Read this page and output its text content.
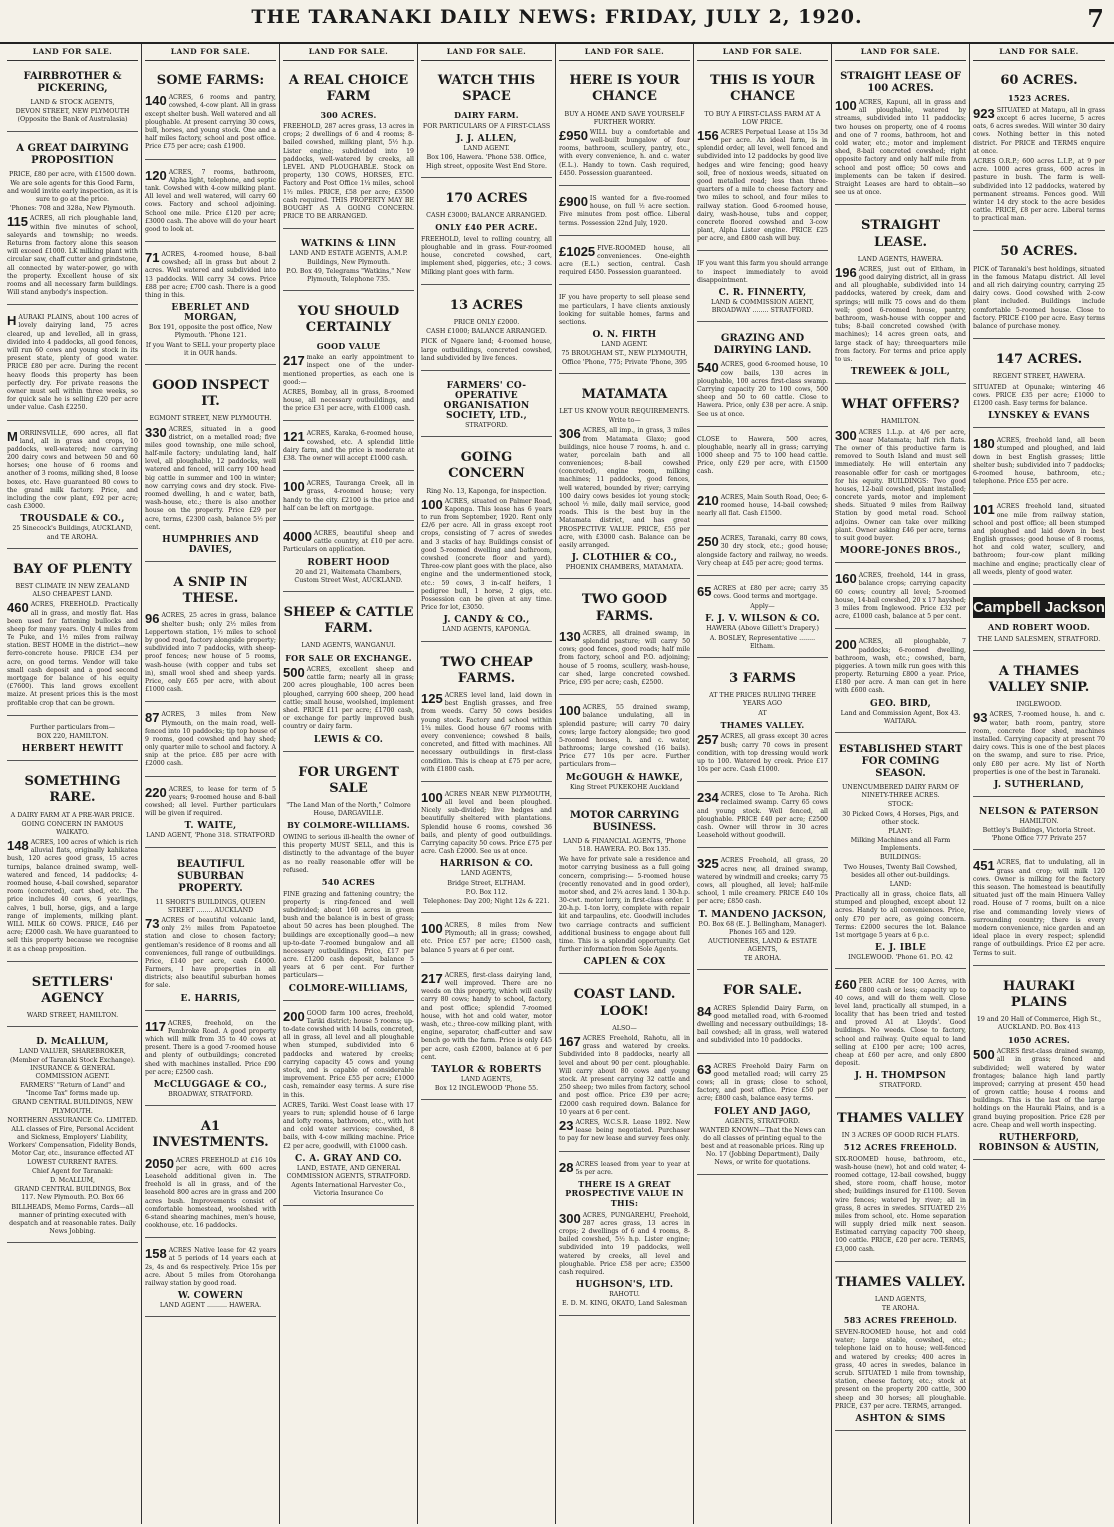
THE TARANAKI DAILY NEWS: FRIDAY, JULY 2, 1920.	7
LAND FOR SALE.
FAIRBROTHER & PICKERING,
LAND & STOCK AGENTS,
DEVON STREET, NEW PLYMOUTH (Opposite the Bank of Australasia)
A GREAT DAIRYING PROPOSITION
PRICE, £80 per acre, with £1500 down.
We are sole agents for this Good Farm, and would invite early inspection, as it is sure to go at the price.
'Phones: 708 and 328a, New Plymouth.
115 ACRES, all rich ploughable land, within five minutes of school, saleyards and township; no weeds. Returns from factory alone this season will exceed £1000. LK milking plant with circular saw, chaff cutter and grindstone, all connected by water-power, go with the property. Excellent house of six rooms and all necessary farm buildings. Will stand anybody's inspection.
HAURAKI PLAINS, about 100 acres of lovely dairying land, 75 acres cleared, up and levelled, all in grass, divided into 4 paddocks, all good fences, will run 60 cows and young stock in its present state, plenty of good water. PRICE £80 per acre. During the recent heavy floods this property has been perfectly dry. For private reasons the owner must sell within three weeks, so for quick sale he is selling £20 per acre under value. Cash £2250.
MORRINSVILLE, 690 acres, all flat land, all in grass and crops, 10 paddocks, well-watered; now carrying 200 dairy cows and between 50 and 60 horses; one house of 6 rooms and another of 3 rooms, milking shed, 8 loose boxes, etc. Have guaranteed 80 cows to the grand milk factory. Price, and including the cow plant, £92 per acre; cash £3000.
TROUSDALE & CO.,
25 Sinecock's Buildings, AUCKLAND, and TE AROHA.
BAY OF PLENTY
BEST CLIMATE IN NEW ZEALAND ALSO CHEAPEST LAND.
460 ACRES, FREEHOLD. Practically all in grass, and mostly flat. Has been used for fattening bullocks and sheep for many years. Only 4 miles from Te Puke, and 1½ miles from railway station. BEST HOME in the district—new ferro-concrete house. PRICE £34 per acre, on good terms. Vendor will take small cash deposit and a good second mortgage for balance of his equity (£7600). This land grows excellent maize. At present prices this is the most profitable crop that can be grown.
Further particulars from—
BOX 220, HAMILTON.
HERBERT HEWITT
SOMETHING RARE.
A DAIRY FARM AT A PRE-WAR PRICE.
GOING CONCERN IN FAMOUS WAIKATO.
148 ACRES, 100 acres of which is rich alluvial flats, originally kahikatea bush, 120 acres good grass, 15 acres turnips, balance drained swamp, well-watered and fenced, 14 paddocks; 4-roomed house, 4-bail cowshed, separator room (concreted), cart shed, etc. The price includes 40 cows, 6 yearlings, calves, 1 bull, horse, gigs, and a large range of implements, milking plant. WILL MILK 60 COWS. PRICE, £46 per acre; £2000 cash. We have guaranteed to sell this property because we recognise it as a cheap proposition.
SETTLERS' AGENCY
WARD STREET, HAMILTON.
D. McALLUM,
LAND VALUER, SHAREBROKER, (Member of Taranaki Stock Exchange). INSURANCE & GENERAL COMMISSION AGENT.
FARMERS' "Return of Land" and "Income Tax" forms made up.
GRAND CENTRAL BUILDINGS, NEW PLYMOUTH.
NORTHERN ASSURANCE Co. LIMITED.
ALL classes of Fire, Personal Accident and Sickness, Employers' Liability, Workers' Compensation, Fidelity Bonds, Motor Car, etc., insurance effected AT LOWEST CURRENT RATES.
Chief Agent for Taranaki:
D. McALLUM,
GRAND CENTRAL BUILDINGS, Box 117. New Plymouth. P.O. Box 66
BILLHEADS, Memo Forms, Cards—all manner of printing executed with despatch and at reasonable rates. Daily News Jobbing.
LAND FOR SALE.
SOME FARMS:
140 ACRES, 6 rooms and pantry, cowshed, 4-cow plant. All in grass except shelter bush. Well watered and all ploughable. At present carrying 30 cows, bull, horses, and young stock. One and a half miles factory, school and post office. Price £75 per acre; cash £1900.
120 ACRES, 7 rooms, bathroom, Alpha light, telephone, and septic tank. Cowshed with 4-cow milking plant. All level and well watered, will carry 60 cows. Factory and school adjoining. School one mile. Price £120 per acre; £3000 cash. The above will do your heart good to look at.
71 ACRES, 4-roomed house, 8-bail cowshed; all in grass but about 2 acres. Well watered and subdivided into 13 paddocks. Will carry 34 cows. Price £88 per acre; £700 cash. There is a good thing in this.
EBERLET AND MORGAN,
Box 191, opposite the post office, New Plymouth. 'Phone 121.
If you Want to SELL your property place it in OUR hands.
GOOD INSPECT IT.
EGMONT STREET, NEW PLYMOUTH.
330 ACRES, situated in a good district, on a metalled road; five miles good township, one mile school, half-mile factory; undulating land, half level, all ploughable, 12 paddocks, well watered and fenced, will carry 100 head big cattle in summer and 100 in winter; now carrying cows and dry stock. Five-roomed dwelling, h and c water, bath, wash-house, etc.; there is also another house on the property. Price £29 per acre, terms, £2300 cash, balance 5½ per cent.
HUMPHRIES AND DAVIES,
A SNIP IN THESE.
96 ACRES, 25 acres in grass, balance shelter bush; only 2½ miles from Leppertown station, 1½ miles to school by good road, factory alongside property; subdivided into 7 paddocks, with sheep-proof fences; new house of 5 rooms, wash-house (with copper and tubs set in), small wool shed and sheep yards. Price, only £65 per acre, with about £1000 cash.
87 ACRES, 3 miles from New Plymouth, on the main road, well-fenced into 10 paddocks; tip top house of 9 rooms, good cowshed and hay shed; only quarter mile to school and factory. A snip at the price. £85 per acre with £2000 cash.
220 ACRES, to lease for term of 5 years; 9-roomed house and 8-bail cowshed; all level. Further particulars will be given if required.
T. WAITE,
LAND AGENT, 'Phone 318. STRATFORD
BEAUTIFUL SUBURBAN PROPERTY.
11 SHORT'S BUILDINGS, QUEEN STREET ........ AUCKLAND
73 ACRES of beautiful volcanic land, only 2½ miles from Papatoetoe station and close to chosen factory; gentleman's residence of 8 rooms and all conveniences, full range of outbuildings. Price, £140 per acre, cash £4000. Farmers, I have properties in all districts; also beautiful suburban homes for sale.
E. HARRIS,
117 ACRES, freehold, on the Pembroke Road. A good property which will milk from 35 to 40 cows at present. There is a good 7-roomed house and plenty of outbuildings; concreted shed with machines installed. Price £90 per acre; £2500 cash.
McCLUGGAGE & CO.,
BROADWAY, STRATFORD.
A1 INVESTMENTS.
2050 ACRES FREEHOLD at £16 10s per acre, with 600 acres Leasehold additional given in. The freehold is all in grass, and of the leasehold 800 acres are in grass and 200 acres bush. Improvements consist of comfortable homestead, woolshed with 6-stand shearing machines, men's house, cookhouse, etc. 16 paddocks.
158 ACRES Native lease for 42 years at 5 periods of 14 years each at 2s, 4s and 6s respectively. Price 15s per acre. About 5 miles from Otorohanga railway station by good road.
W. COWERN
LAND AGENT .......... HAWERA.
LAND FOR SALE.
A REAL CHOICE FARM
300 ACRES.
FREEHOLD, 287 acres grass, 13 acres in crops; 2 dwellings of 6 and 4 rooms; 8-bailed cowshed, milking plant, 5½ h.p. Lister engine; subdivided into 19 paddocks, well-watered by creeks, all LEVEL AND PLOUGHABLE. Stock on property, 130 COWS, HORSES, ETC. Factory and Post Office 1¼ miles, school 1½ miles. PRICE, £58 per acre; £3500 cash required. THIS PROPERTY MAY BE BOUGHT AS A GOING CONCERN. PRICE TO BE ARRANGED.
WATKINS & LINN
LAND AND ESTATE AGENTS, A.M.P. Buildings, New Plymouth.
P.O. Box 49, Telegrams "Watkins," New Plymouth, Telephone 735.
YOU SHOULD CERTAINLY
GOOD VALUE
217 make an early appointment to inspect one of the under-mentioned properties, as each one is good:—
ACRES, Bombay, all in grass, 8-roomed house, all necessary outbuildings, and the price £31 per acre, with £1000 cash.
121 ACRES, Karaka, 6-roomed house, cowshed, etc. A splendid little dairy farm, and the price is moderate at £38. The owner will accept £1000 cash.
100 ACRES, Tauranga Creek, all in grass, 4-roomed house; very handy to the city. £2100 is the price and half can be left on mortgage.
4000 ACRES, beautiful sheep and cattle country, at £10 per acre. Particulars on application.
ROBERT HOOD
20 and 21, Waitemata Chambers, Custom Street West, AUCKLAND.
SHEEP & CATTLE FARM.
LAND AGENTS, WANGANUI.
FOR SALE OR EXCHANGE.
500 ACRES, excellent sheep and cattle farm; nearly all in grass; 200 acres ploughable, 100 acres been ploughed, carrying 600 sheep, 200 head cattle; small house, woolshed, implement shed. PRICE £11 per acre; £1700 cash, or exchange for partly improved bush country or dairy farm.
LEWIS & CO.
FOR URGENT SALE
"The Land Man of the North," Colmore House, DARGAVILLE.
BY COLMORE-WILLIAMS.
OWING to serious ill-health the owner of this property MUST SELL, and this is distinctly to the advantage of the buyer as no really reasonable offer will be refused.
540 ACRES
FINE grazing and fattening country; the property is ring-fenced and well subdivided; about 160 acres in green bush and the balance is in best of grass; about 50 acres has been ploughed. The buildings are exceptionally good—a new up-to-date 7-roomed bungalow and all necessary outbuildings. Price, £17 per acre. £1200 cash deposit, balance 5 years at 6 per cent. For further particulars—
COLMORE-WILLIAMS,
200 GOOD farm 100 acres, freehold, Tariki district; house 5 rooms; up-to-date cowshed with 14 bails, concreted, all in grass, all level and all ploughable when stumped, subdivided into 6 paddocks and watered by creeks; carrying capacity 45 cows and young stock, and is capable of considerable improvement. Price £55 per acre; £1000 cash, remainder easy terms. A sure rise in this.
ACRES, Tariki. West Coast lease with 17 years to run; splendid house of 6 large and lofty rooms, bathroom, etc., with hot and cold water services; cowshed, 8 bails, with 4-cow milking machine. Price £2 per acre, goodwill, with £1000 cash.
C. A. GRAY AND CO.
LAND, ESTATE, AND GENERAL COMMISSION AGENTS, STRATFORD.
Agents International Harvester Co., Victoria Insurance Co
LAND FOR SALE.
WATCH THIS SPACE
DAIRY FARM.
FOR PARTICULARS OF A FIRST-CLASS
J. J. ALLEN,
LAND AGENT.
Box 106, Hawera. 'Phone 538. Office, High street, opposite West End Store.
170 ACRES
CASH £3000; BALANCE ARRANGED.
ONLY £40 PER ACRE.
FREEHOLD, level to rolling country, all ploughable and in grass. Four-roomed house, concreted cowshed, cart, implement shed, piggeries, etc.; 3 cows. Milking plant goes with farm.
13 ACRES
PRICE ONLY £2000.
CASH £1000; BALANCE ARRANGED.
PICK of Ngaere land; 4-roomed house, large outbuildings, concreted cowshed, land subdivided by live fences.
FARMERS' CO-OPERATIVE ORGANISATION SOCIETY, LTD.,
STRATFORD.
GOING CONCERN
Ring No. 13, Kaponga, for inspection.
100 ACRES, situated on Palmer Road, Kaponga. This lease has 6 years to run from September, 1920. Rent only £2/6 per acre. All in grass except root crops, consisting of 7 acres of swedes and 3 stacks of hay. Buildings consist of good 5-roomed dwelling and bathroom, cowshed (concrete floor and yard). Three-cow plant goes with the place, also engine and the undermentioned stock, etc.: 59 cows, 3 in-calf heifers, 1 pedigree bull, 1 horse, 2 gigs, etc. Possession can be given at any time. Price for lot, £3050.
J. CANDY & CO.,
LAND AGENTS, KAPONGA.
TWO CHEAP FARMS.
125 ACRES level land, laid down in best English grasses, and free from weeds. Carry 50 cows besides young stock. Factory and school within 1¼ miles. Good house 6/7 rooms with every convenience; cowshed 8 bails, concreted, and fitted with machines. All necessary outbuildings in first-class condition. This is cheap at £75 per acre, with £1800 cash.
100 ACRES NEAR NEW PLYMOUTH, all level and been ploughed. Nicely sub-divided; live hedges and beautifully sheltered with plantations. Splendid house 6 rooms, cowshed 36 bails, and plenty of good outbuildings. Carrying capacity 50 cows. Price £75 per acre. Cash £2000. See us at once.
HARRISON & CO.
LAND AGENTS,
Bridge Street, ELTHAM.
P.O. Box 112.
Telephones: Day 200; Night 12s & 221.
100 ACRES, 8 miles from New Plymouth; all in grass; cowshed, etc. Price £57 per acre; £1500 cash, balance 5 years at 6 per cent.
217 ACRES, first-class dairying land, well improved. There are no weeds on this property, which will easily carry 80 cows; handy to school, factory, and post office; splendid 7-roomed house, with hot and cold water, motor wash, etc.; three-cow milking plant, with engine, separator, chaff-cutter and saw bench go with the farm. Price is only £45 per acre, cash £2000, balance at 6 per cent.
TAYLOR & ROBERTS
LAND AGENTS,
Box 12 INGLEWOOD 'Phone 55.
LAND FOR SALE.
HERE IS YOUR CHANCE
BUY A HOME AND SAVE YOURSELF FURTHER WORRY.
£950 WILL buy a comfortable and well-built bungalow of four rooms, bathroom, scullery, pantry, etc., with every convenience, h. and c. water (E.L.). Handy to town. Cash required, £450. Possession guaranteed.
£900 IS wanted for a five-roomed house, on full ½ acre section. Five minutes from post office. Liberal terms. Possession 22nd July, 1920.
£1025 FIVE-ROOMED house, all conveniences. One-eighth acre (E.L.) section, central. Cash required £450. Possession guaranteed.
IF you have property to sell please send me particulars, I have clients anxiously looking for suitable homes, farms and sections.
O. N. FIRTH
LAND AGENT.
75 BROUGHAM ST., NEW PLYMOUTH, Office 'Phone, 775; Private 'Phone, 395
MATAMATA
LET US KNOW YOUR REQUIREMENTS.
Write to—
306 ACRES, all imp., in grass, 3 miles from Matamata Glaxo; good buildings, nice house 7 rooms, h. and c. water, porcelain bath and all conveniences; 8-bail cowshed (concreted), engine room, milking machines; 11 paddocks, good fences, well watered, bounded by river; carrying 100 dairy cows besides lot young stock; school ½ mile, daily mail service, good roads. This is the best buy in the Matamata district, and has great PROSPECTIVE VALUE. PRICE, £55 per acre, with £3000 cash. Balance can be easily arranged.
J. CLOTHIER & CO.,
PHOENIX CHAMBERS, MATAMATA.
TWO GOOD FARMS.
130 ACRES, all drained swamp, in splendid pasture; will carry 50 cows; good fences, good roads; half mile from factory, school and P.O. adjoining; house of 5 rooms, scullery, wash-house, car shed, large concreted cowshed. Price, £95 per acre; cash, £2500.
100 ACRES, 55 drained swamp, balance undulating, all in splendid pasture; will carry 70 dairy cows; large factory alongside; two good 5-roomed houses, h. and c. water, bathrooms; large cowshed (16 bails). Price £77 10s per acre. Further particulars from—
McGOUGH & HAWKE,
King Street PUKEKOHE Auckland
MOTOR CARRYING BUSINESS.
LAND & FINANCIAL AGENTS, 'Phone 518. HAWERA. P.O. Box 135.
We have for private sale a residence and motor carrying business as a full going concern, comprising:— 5-roomed house (recently renovated and in good order), motor shed, and 2¼ acres land. 1 30-h.p. 30-cwt. motor lorry, in first-class order. 1 20-h.p. 1-ton lorry, complete with repair kit and tarpaulins, etc. Goodwill includes two carriage contracts and sufficient additional business to engage about full time. This is a splendid opportunity. Get further information from Sole Agents.
CAPLEN & COX
COAST LAND. LOOK!
ALSO—
167 ACRES Freehold, Rahotu, all in grass and watered by creeks. Subdivided into 8 paddocks, nearly all level and about 90 per cent. ploughable. Will carry about 80 cows and young stock. At present carrying 32 cattle and 250 sheep; two miles from factory, school and post office. Price £39 per acre; £2000 cash required down. Balance for 10 years at 6 per cent.
23 ACRES, W.C.S.R. Lease 1892. New lease being negotiated. Purchaser to pay for new lease and survey fees only.
28 ACRES leased from year to year at 5s per acre.
THERE IS A GREAT PROSPECTIVE VALUE IN THIS:
300 ACRES, PUNGAREHU, Freehold, 287 acres grass, 13 acres in crops; 2 dwellings of 6 and 4 rooms, 8-bailed cowshed, 5½ h.p. Lister engine; subdivided into 19 paddocks, well watered by creeks, all level and ploughable. Price £58 per acre; £3500 cash required.
HUGHSON'S, LTD.
RAHOTU.
E. D. M. KING, OKATO, Land Salesman
LAND FOR SALE.
THIS IS YOUR CHANCE
TO BUY A FIRST-CLASS FARM AT A LOW PRICE.
156 ACRES Perpetual Lease at 15s 3d per acre. An ideal farm, is in splendid order, all level, well fenced and subdivided into 12 paddocks by good live hedges and wire fencing; good heavy soil, free of noxious weeds, situated on good metalled road; less than three-quarters of a mile to cheese factory and two miles to school, and four miles to railway station. Good 6-roomed house, dairy, wash-house, tubs and copper, concrete floored cowshed and 3-cow plant, Alpha Lister engine. PRICE £25 per acre, and £800 cash will buy.
IF you want this farm you should arrange to inspect immediately to avoid disappointment.
C. R. FINNERTY,
LAND & COMMISSION AGENT, BROADWAY ........ STRATFORD.
GRAZING AND DAIRYING LAND.
540 ACRES, good 6-roomed house, 10 cow bails, 130 acres in ploughable, 100 acres first-class swamp. Carrying capacity 20 to 100 cows, 500 sheep and 50 to 60 cattle. Close to Hawera. Price, only £38 per acre. A snip. See us at once.
CLOSE to Hawera, 500 acres, ploughable, nearly all in grass; carrying 1000 sheep and 75 to 100 head cattle. Price, only £29 per acre, with £1500 cash.
210 ACRES, Main South Road, Oeo; 6-roomed house, 14-bail cowshed; nearly all flat. Cash £1500.
250 ACRES, Taranaki, carry 80 cows, 30 dry stock, etc.; good house; alongside factory and railway, no weeds. Very cheap at £45 per acre; good terms.
65 ACRES at £80 per acre; carry 35 cows. Good terms and mortgage.
Apply—
F. J. V. WILSON & CO.
HAWERA (Above Gillett's Drapery.)
A. BOSLEY, Representative ........ Eltham.
3 FARMS
AT THE PRICES RULING THREE YEARS AGO
AT
THAMES VALLEY.
257 ACRES, all grass except 30 acres bush; carry 70 cows in present condition, with top dressing would work up to 100. Watered by creek. Price £17 10s per acre. Cash £1000.
234 ACRES, close to Te Aroha. Rich reclaimed swamp. Carry 65 cows and young stock. Well fenced, all ploughable. PRICE £40 per acre; £2500 cash. Owner will throw in 30 acres Leasehold without goodwill.
325 ACRES Freehold, all grass, 20 acres new, all drained swamp, watered by windmill and creeks; carry 75 cows, all ploughed, all level; half-mile school, 1 mile creamery. PRICE £40 10s per acre; £850 cash.
T. MANDENO JACKSON,
P.O. Box 68 (E. J. Bellingham, Manager). Phones 165 and 129.
AUCTIONEERS, LAND & ESTATE AGENTS,
TE AROHA.
FOR SALE.
84 ACRES Splendid Dairy Farm, on good metalled road, with 6-roomed dwelling and necessary outbuildings; 18-bail cowshed; all in grass, well watered and subdivided into 10 paddocks.
63 ACRES Freehold Dairy Farm on good metalled road; will carry 25 cows; all in grass; close to school, factory, and post office. Price £50 per acre; £800 cash, balance easy terms.
FOLEY AND JAGO,
AGENTS, STRATFORD.
WANTED KNOWN—That the News can do all classes of printing equal to the best and at reasonable prices. Ring up No. 17 (Jobbing Department), Daily News, or write for quotations.
LAND FOR SALE.
STRAIGHT LEASE OF 100 ACRES.
100 ACRES, Kapuni, all in grass and all ploughable, watered by streams, subdivided into 11 paddocks; two houses on property, one of 4 rooms and one of 7 rooms, bathroom, hot and cold water, etc.; motor and implement shed, 8-bail concreted cowshed; right opposite factory and only half mile from school and post office; 50 cows and implements can be taken if desired. Straight Leases are hard to obtain—so see us at once.
STRAIGHT LEASE.
LAND AGENTS, HAWERA.
196 ACRES, just out of Eltham, in good dairying district, all in grass and all ploughable, subdivided into 14 paddocks, watered by creek, dam and springs; will milk 75 cows and do them well; good 6-roomed house, pantry, bathroom, wash-house with copper and tubs; 8-bail concreted cowshed (with machines); 14 acres green oats, and large stack of hay; threequarters mile from factory. For terms and price apply to us.
TREWEEK & JOLL,
WHAT OFFERS?
HAMILTON.
300 ACRES 1.L.p. at 4/6 per acre, near Matamata; half rich flats. The owner of this productive farm is removed to South Island and must sell immediately. He will entertain any reasonable offer for cash or mortgages for his equity. BUILDINGS: Two good houses, 12-bail cowshed, plant installed; concrete yards, motor and implement sheds. Situated 9 miles from Railway Station by good metal road. School adjoins. Owner can take over milking plant. Owner asking £46 per acre, terms to suit good buyer.
MOORE-JONES BROS.,
160 ACRES, freehold, 144 in grass, balance crops; carrying capacity 60 cows; country all level; 5-roomed house, 14-bail cowshed, 20 x 17 hayshed; 3 miles from Inglewood. Price £32 per acre, £1000 cash, balance at 5 per cent.
200 ACRES, all ploughable, 7 paddocks; 6-roomed dwelling, bathroom, wash, etc.; cowshed, barn, piggeries. A town milk run goes with this property. Returning £800 a year. Price, £180 per acre. A man can get in here with £600 cash.
GEO. BIRD,
Land and Commission Agent, Box 43. WAITARA.
ESTABLISHED START FOR COMING SEASON.
UNENCUMBERED DAIRY FARM OF NINETY-THREE ACRES.
STOCK:
30 Picked Cows, 4 Horses, Pigs, and other stock.
PLANT:
Milking Machines and all Farm Implements.
BUILDINGS:
Two Houses, Twenty Bail Cowshed, besides all other out-buildings.
LAND:
Practically all in grass, choice flats, all stumped and ploughed, except about 12 acres. Handy to all conveniences. Price, only £70 per acre, as going concern. Terms: £2000 secures the lot. Balance 1st mortgage 5 years at 6 p.c.
E. J. IBLE
INGLEWOOD. 'Phone 61. P.O. 42
£60 PER ACRE for 100 Acres, with £800 cash or less; capacity up to 40 cows, and will do them well. Close level land, practically all stumped, in a locality that has been tried and tested and proved A1 at Lloyds'. Good buildings. No weeds. Close to factory, school and railway. Quite equal to land selling at £100 per acre; 100 acres, cheap at £60 per acre, and only £800 deposit.
J. H. THOMPSON
STRATFORD.
THAMES VALLEY
IN 3 ACRES OF GOOD RICH FLATS.
512 ACRES FREEHOLD.
SIX-ROOMED house, bathroom, etc., wash-house (new), hot and cold water, 4-roomed cottage, 12-bail cowshed, buggy shed, store room, chaff house, motor shed; buildings insured for £1100. Seven wire fences; watered by river; all in grass, 8 acres in swedes. SITUATED 2½ miles from school, etc. Home separation will supply dried milk next season. Estimated carrying capacity 700 sheep, 100 cattle. PRICE, £20 per acre. TERMS, £3,000 cash.
THAMES VALLEY.
LAND AGENTS,
TE AROHA.
583 ACRES FREEHOLD.
SEVEN-ROOMED house, hot and cold water; large stable, cowshed, etc.; telephone laid on to house; well-fenced and watered by creeks; 400 acres in grass, 40 acres in swedes, balance in scrub. SITUATED 1 mile from township, station, cheese factory, etc.; stock at present on the property 200 cattle, 300 sheep and 30 horses; all ploughable. PRICE, £37 per acre. TERMS, arranged.
ASHTON & SIMS
LAND FOR SALE.
60 ACRES.
1523 ACRES.
923 SITUATED at Matapu, all in grass except 6 acres lucerne, 5 acres oats, 6 acres swedes. Will winter 30 dairy cows. Nothing better in this noted district. For PRICE and TERMS enquire at once.
ACRES O.R.P.; 600 acres L.I.P., at 9 per acre. 1000 acres grass, 600 acres in pasture in bush. The farm is well-subdivided into 12 paddocks, watered by permanent streams. Fences good. Will winter 14 dry stock to the acre besides cattle. PRICE, £8 per acre. Liberal terms to practical man.
50 ACRES.
PICK of Taranaki's best holdings, situated in the famous Matapu district. All level and all rich dairying country, carrying 25 dairy cows. Good cowshed with 2-cow plant included. Buildings include comfortable 5-roomed house. Close to factory. PRICE £100 per acre. Easy terms balance of purchase money.
147 ACRES.
REGENT STREET, HAWERA.
SITUATED at Opunake; wintering 46 cows. PRICE £35 per acre; £1000 to £1200 cash. Easy terms for balance.
LYNSKEY & EVANS
180 ACRES, freehold land, all been stumped and ploughed, and laid down in best English grasses; little shelter bush; subdivided into 7 paddocks; 6-roomed house, bathroom, etc.; telephone. Price £55 per acre.
101 ACRES freehold land, situated one mile from railway station, school and post office; all been stumped and ploughed and laid down in best English grasses; good house of 8 rooms, hot and cold water, scullery, and bathroom; four-cow plant milking machine and engine; practically clear of all weeds, plenty of good water.
Campbell Jackson
AND ROBERT WOOD.
THE LAND SALESMEN, STRATFORD.
A THAMES VALLEY SNIP.
INGLEWOOD.
93 ACRES, 7-roomed house, h. and c. water, bath room, pantry, store room, concrete floor shed, machines installed. Carrying capacity at present 70 dairy cows. This is one of the best places on the swamp, and sure to rise. Price, only £80 per acre. My list of North properties is one of the best in Taranaki.
J. SUTHERLAND,
NELSON & PATERSON
HAMILTON.
Bettley's Buildings, Victoria Street. 'Phone Office 777 Private 257
451 ACRES, flat to undulating, all in grass and crop; will milk 120 cows. Owner is milking for the factory this season. The homestead is beautifully situated just off the main Hinuera Valley road. House of 7 rooms, built on a nice rise and commanding lovely views of surrounding country; there is every modern convenience, nice garden and an ideal place in every respect; splendid range of outbuildings. Price £2 per acre. Terms to suit.
HAURAKI PLAINS
19 and 20 Hall of Commerce, High St., AUCKLAND. P.O. Box 413
1050 ACRES.
500 ACRES first-class drained swamp, all in grass; fenced and subdivided; well watered by water frontages; balance high land partly improved; carrying at present 450 head of grown cattle; house 4 rooms and buildings. This is the last of the large holdings on the Hauraki Plains, and is a grand buying proposition. Price £28 per acre. Cheap and well worth inspecting.
RUTHERFORD, ROBINSON & AUSTIN,
